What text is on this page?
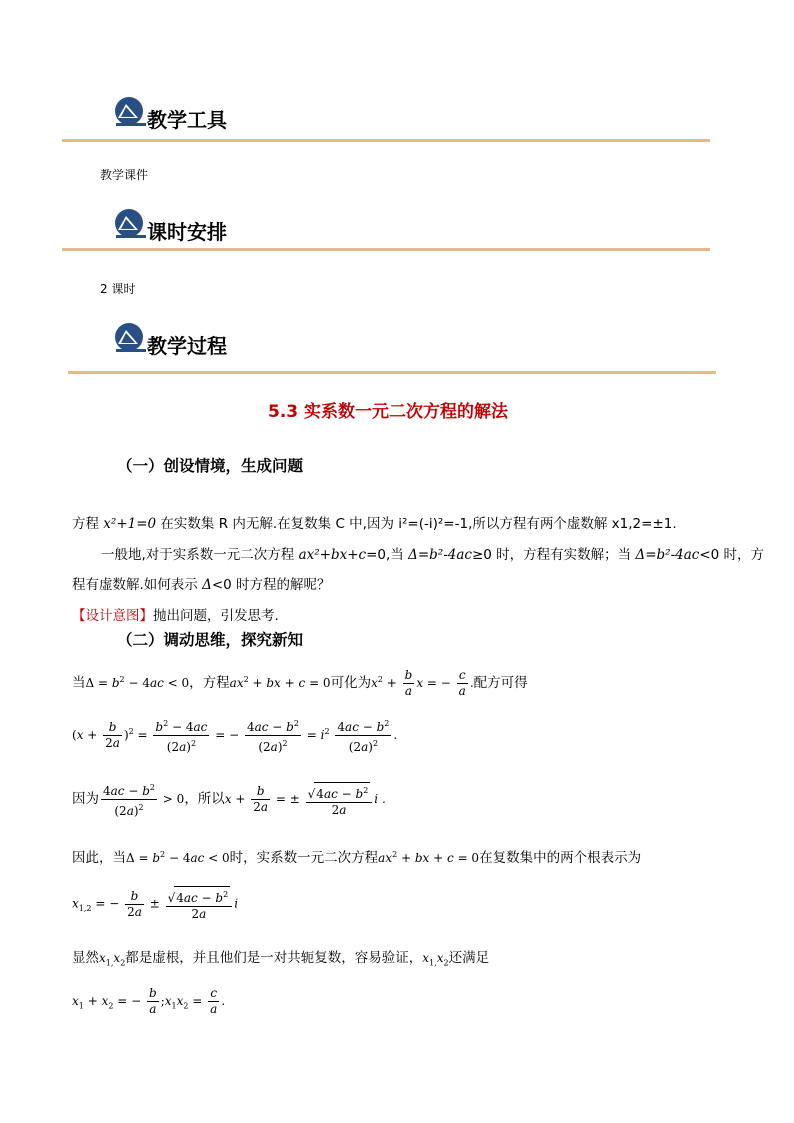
教学工具
教学课件
课时安排
2 课时
教学过程
5.3 实系数一元二次方程的解法
（一）创设情境，生成问题
方程 x²+1=0 在实数集 R 内无解.在复数集 C 中,因为 i²=(-i)²=-1,所以方程有两个虚数解 x1,2=±1.
一般地,对于实系数一元二次方程 ax²+bx+c=0,当 Δ=b²-4ac≥0 时，方程有实数解；当 Δ=b²-4ac<0 时，方
程有虚数解.如何表示 Δ<0 时方程的解呢？
【设计意图】抛出问题，引发思考.
（二）调动思维，探究新知
当$\Delta = b^2 - 4ac < 0$，方程$ax^2$ + bx + c = 0可化为$x^2 + \frac{b}{a}$ x = − $\frac{c}{a}$ .配方可得
$(x + \frac{b}{2a} )^2 = \frac{b^2 - 4ac}{(2a)^2}$ = − $\frac{4ac - b^2}{(2a)^2} = i^2 \frac{4ac - b^2}{(2a)^2}$ .
因为 $\frac{4ac - b^2}{(2a)^2} > 0$，所以$x + \frac{b}{2a}$ = ± $\frac{√4ac - b^2}{2a}$ i .
因此，当$\Delta = b^2 - 4ac < 0$时，实系数一元二次方程$ax^2$ + bx + c = 0在复数集中的两个根表示为
$x_{1,2}$ = − $\frac{b}{2a} \pm \frac{√4ac - b^2}{2a}$ i
显然$x_{1,}x_2$都是虚根，并且他们是一对共轭复数，容易验证，$x_{1,}x_2$还满足
$x_1 + x_2$ = − $\frac{b}{a}$ $;x_1x_2 = \frac{c}{a}$ .
